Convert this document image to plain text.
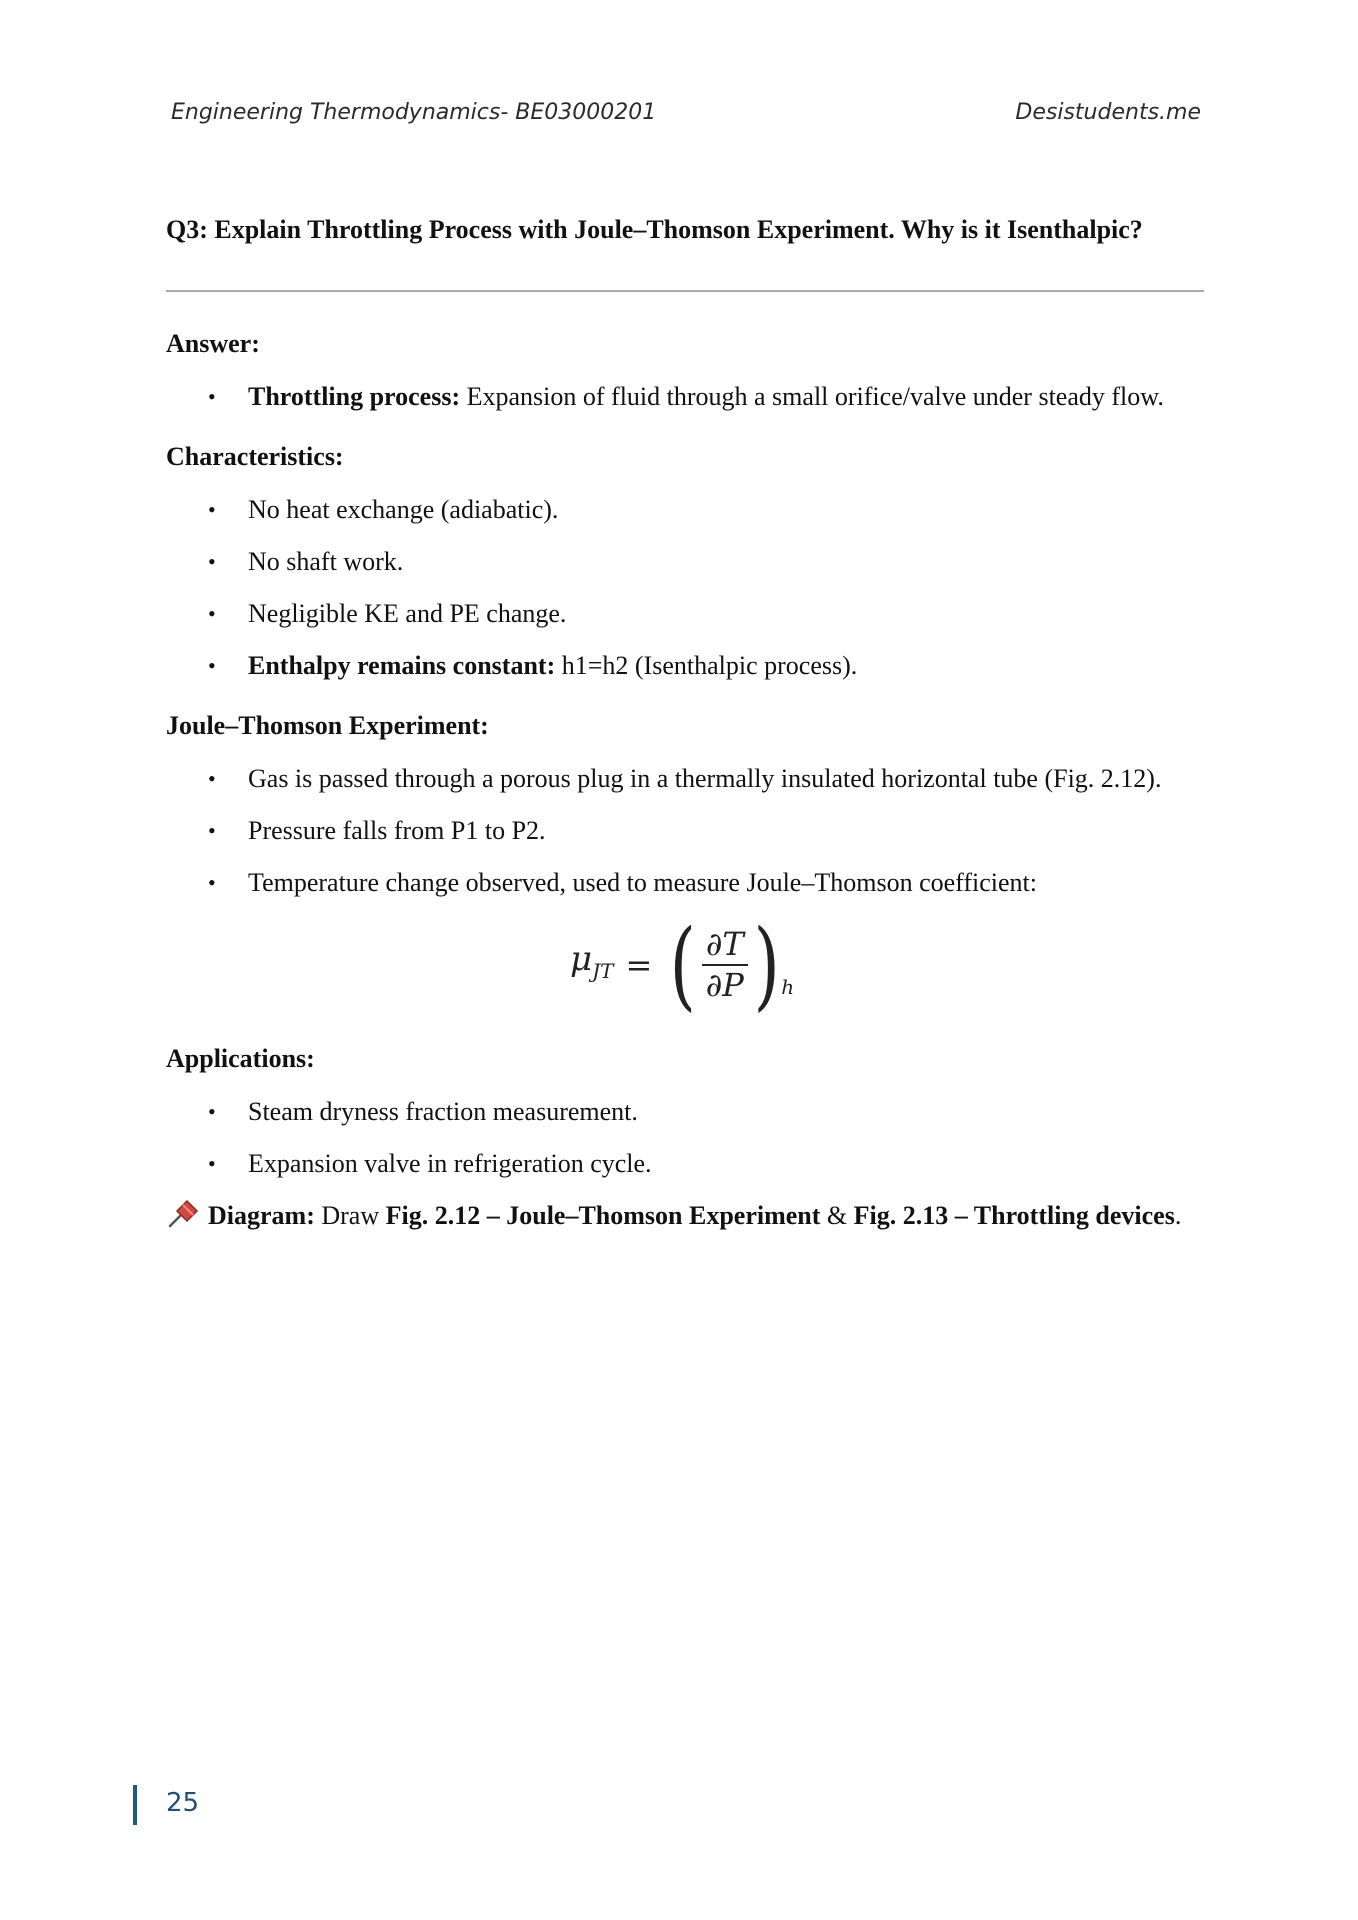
Engineering Thermodynamics- BE03000201	Desistudents.me
Q3: Explain Throttling Process with Joule–Thomson Experiment. Why is it Isenthalpic?

Answer:

• Throttling process: Expansion of fluid through a small orifice/valve under steady flow.

Characteristics:

• No heat exchange (adiabatic).
• No shaft work.
• Negligible KE and PE change.
• Enthalpy remains constant: h1=h2 (Isenthalpic process).

Joule–Thomson Experiment:

• Gas is passed through a porous plug in a thermally insulated horizontal tube (Fig. 2.12).
• Pressure falls from P1 to P2.
• Temperature change observed, used to measure Joule–Thomson coefficient:
$\mu_{JT}$ = ( $\frac{\partial T}{\partial P}$ ) h

Applications:

• Steam dryness fraction measurement.
• Expansion valve in refrigeration cycle.

Diagram: Draw Fig. 2.12 – Joule–Thomson Experiment & Fig. 2.13 – Throttling devices.

25
